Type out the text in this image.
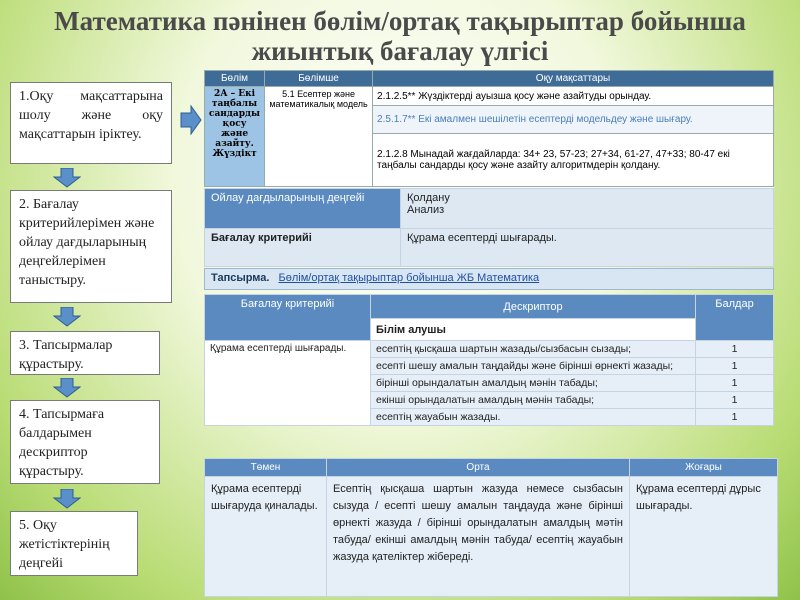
Математика пәнінен бөлім/ортақ тақырыптар бойынша жиынтық бағалау үлгісі
1.Оқу мақсаттарына шолу және оқу мақсаттарын іріктеу.
2. Бағалау критерийлерімен және ойлау дағдыларының деңгейлерімен таныстыру.
3. Тапсырмалар құрастыру.
4. Тапсырмаға балдарымен дескриптор құрастыру.
5. Оқу жетістіктерінің деңгейі
Бөлім	Бөлімше	Оқу мақсаттары
2А – Екі таңбалы сандарды қосу және азайту. Жүздікт	5.1 Есептер және математикалық модель	2.1.2.5** Жүздіктерді ауызша қосу және азайтуды орындау.
		2.5.1.7** Екі амалмен шешілетін есептерді модельдеу және шығару.
		2.1.2.8 Мынадай жағдайларда: 34+ 23, 57-23; 27+34, 61-27, 47+33; 80-47 екі таңбалы сандарды қосу және азайту алгоритмдерін қолдану.
Ойлау дағдыларының деңгейі	Қолдану
Анализ

Бағалау критерийі	Құрама есептерді шығарады.
Тапсырма. Бөлім/ортақ тақырыптар бойынша ЖБ Математика
Бағалау критерийі	Дескриптор	Балдар
	Білім алушы	
Құрама есептерді шығарады.	есептің қысқаша шартын жазады/сызбасын сызады;	1
	есепті шешу амалын таңдайды және бірінші өрнекті жазады;	1
	бірінші орындалатын амалдың мәнін табады;	1
	екінші орындалатын амалдың мәнін табады;	1
	есептің жауабын жазады.	1
Төмен	Орта	Жоғары
Құрама есептерді шығаруда қиналады.	Есептің қысқаша шартын жазуда немесе сызбасын сызуда / есепті шешу амалын таңдауда және бірінші өрнекті жазуда / бірінші орындалатын амалдың мәтін табуда/ екінші амалдың мәнін табуда/ есептің жауабын жазуда қателіктер жібереді.	Құрама есептерді дұрыс шығарады.
